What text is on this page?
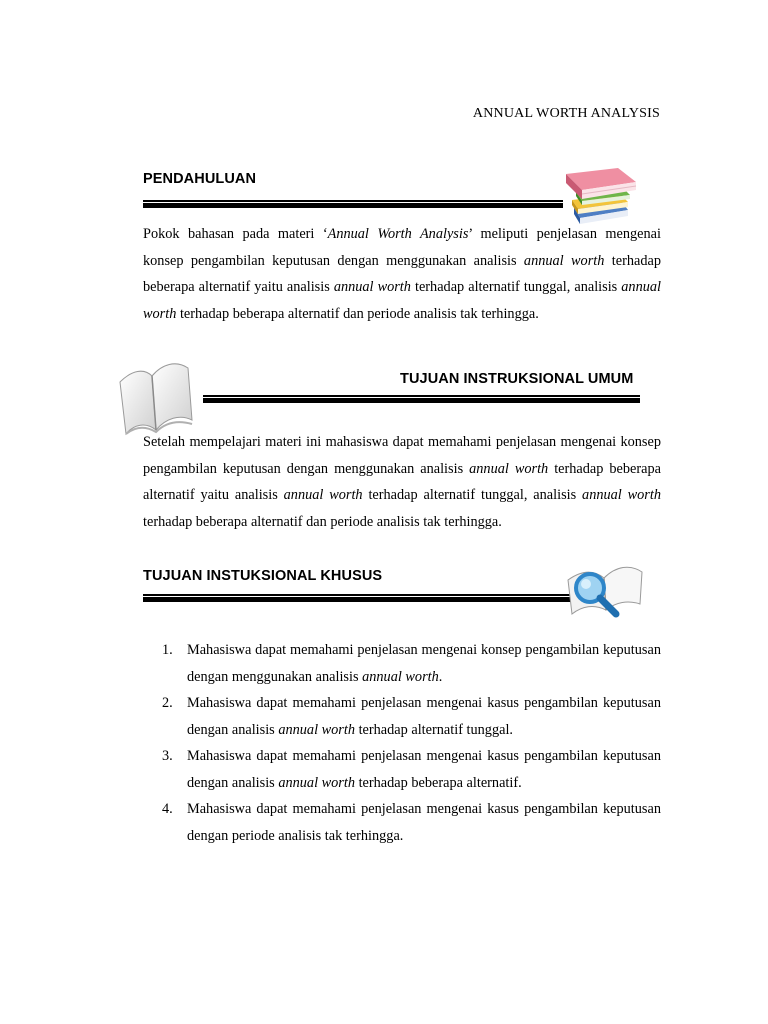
ANNUAL WORTH ANALYSIS
PENDAHULUAN
Pokok bahasan pada materi ‘Annual Worth Analysis’ meliputi penjelasan mengenai konsep pengambilan keputusan dengan menggunakan analisis annual worth terhadap beberapa alternatif yaitu analisis annual worth terhadap alternatif tunggal, analisis annual worth terhadap beberapa alternatif dan periode analisis tak terhingga.
TUJUAN INSTRUKSIONAL UMUM
Setelah mempelajari materi ini mahasiswa dapat memahami penjelasan mengenai konsep pengambilan keputusan dengan menggunakan analisis annual worth terhadap beberapa alternatif yaitu analisis annual worth terhadap alternatif tunggal, analisis annual worth terhadap beberapa alternatif dan periode analisis tak terhingga.
TUJUAN INSTUKSIONAL KHUSUS
1. Mahasiswa dapat memahami penjelasan mengenai konsep pengambilan keputusan dengan menggunakan analisis annual worth.
2. Mahasiswa dapat memahami penjelasan mengenai kasus pengambilan keputusan dengan analisis annual worth terhadap alternatif tunggal.
3. Mahasiswa dapat memahami penjelasan mengenai kasus pengambilan keputusan dengan analisis annual worth terhadap beberapa alternatif.
4. Mahasiswa dapat memahami penjelasan mengenai kasus pengambilan keputusan dengan periode analisis tak terhingga.
